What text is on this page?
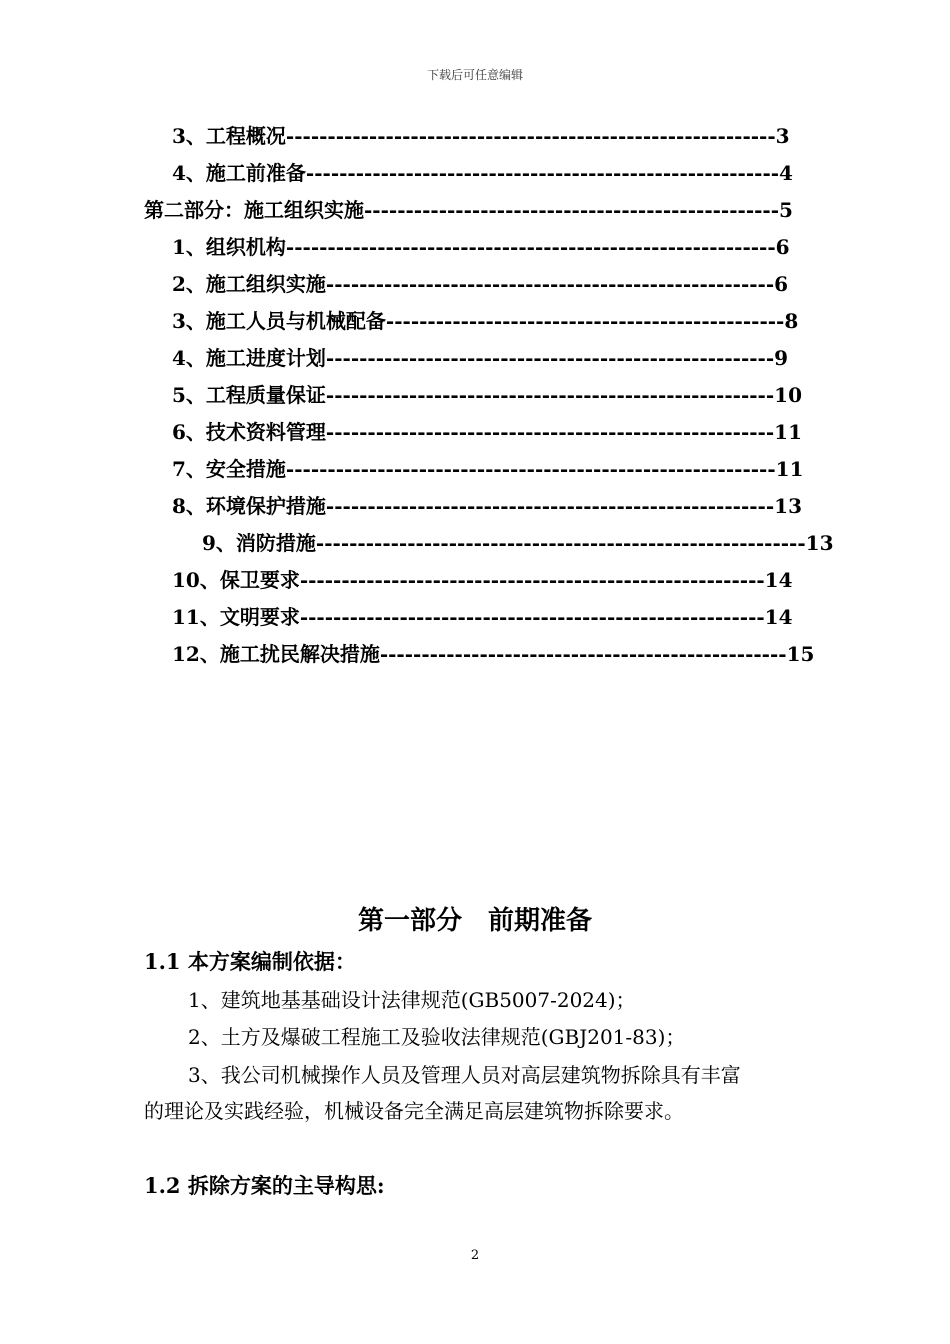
下载后可任意编辑
3、工程概况-----------------------------------------------------------3
4、施工前准备---------------------------------------------------------4
第二部分：施工组织实施--------------------------------------------------5
1、组织机构-----------------------------------------------------------6
2、施工组织实施------------------------------------------------------6
3、施工人员与机械配备------------------------------------------------8
4、施工进度计划------------------------------------------------------9
5、工程质量保证------------------------------------------------------10
6、技术资料管理------------------------------------------------------11
7、安全措施-----------------------------------------------------------11
8、环境保护措施------------------------------------------------------13
9、消防措施-----------------------------------------------------------13
10、保卫要求--------------------------------------------------------14
11、文明要求--------------------------------------------------------14
12、施工扰民解决措施-------------------------------------------------15
第一部分　前期准备
1.1 本方案编制依据：
1、建筑地基基础设计法律规范(GB5007-2024)；
2、土方及爆破工程施工及验收法律规范(GBJ201-83)；
3、我公司机械操作人员及管理人员对高层建筑物拆除具有丰富
的理论及实践经验，机械设备完全满足高层建筑物拆除要求。
1.2 拆除方案的主导构思:
2
